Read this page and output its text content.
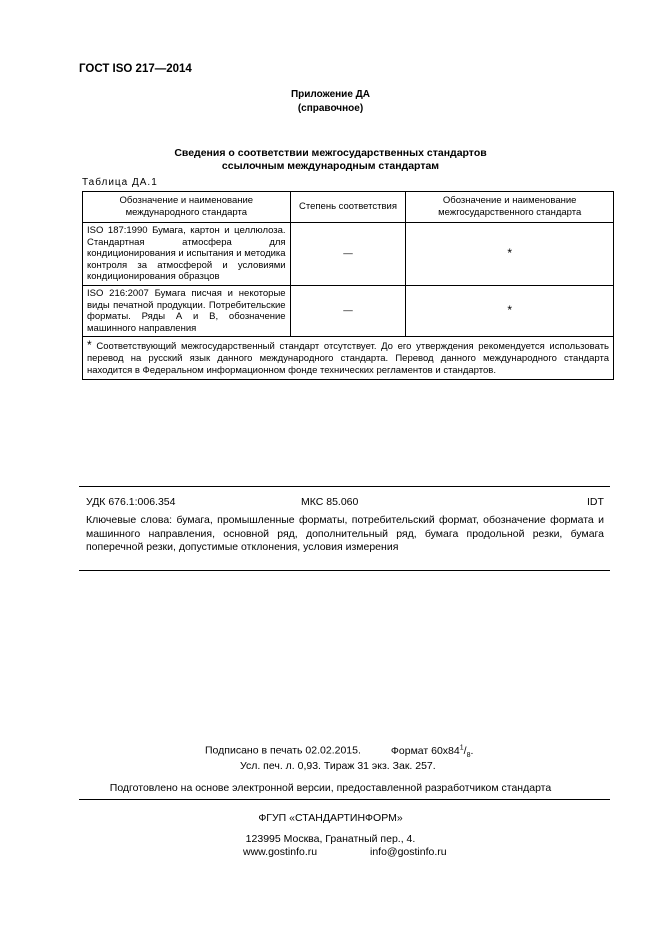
ГОСТ ISO 217—2014
Приложение ДА
(справочное)
Сведения о соответствии межгосударственных стандартов
ссылочным международным стандартам
Таблица ДА.1
Обозначение и наименование международного стандарта	Степень соответствия	Обозначение и наименование межгосударственного стандарта
ISO 187:1990 Бумага, картон и целлюлоза. Стандартная атмосфера для кондиционирования и испытания и методика контроля за атмосферой и условиями кондиционирования образцов	—	*
ISO 216:2007 Бумага писчая и некоторые виды печатной продукции. Потребительские форматы. Ряды А и В, обозначение машинного направления	—	*
* Соответствующий межгосударственный стандарт отсутствует. До его утверждения рекомендуется использовать перевод на русский язык данного международного стандарта. Перевод данного международного стандарта находится в Федеральном информационном фонде технических регламентов и стандартов.		
УДК 676.1:006.354	МКС 85.060	IDT
Ключевые слова: бумага, промышленные форматы, потребительский формат, обозначение формата и машинного направления, основной ряд, дополнительный ряд, бумага продольной резки, бумага поперечной резки, допустимые отклонения, условия измерения
Подписано в печать 02.02.2015.	Формат $60x84^1/_8$.
Усл. печ. л. 0,93. Тираж 31 экз. Зак. 257.
Подготовлено на основе электронной версии, предоставленной разработчиком стандарта
ФГУП «СТАНДАРТИНФОРМ»
123995 Москва, Гранатный пер., 4.
www.gostinfo.ru	info@gostinfo.ru
